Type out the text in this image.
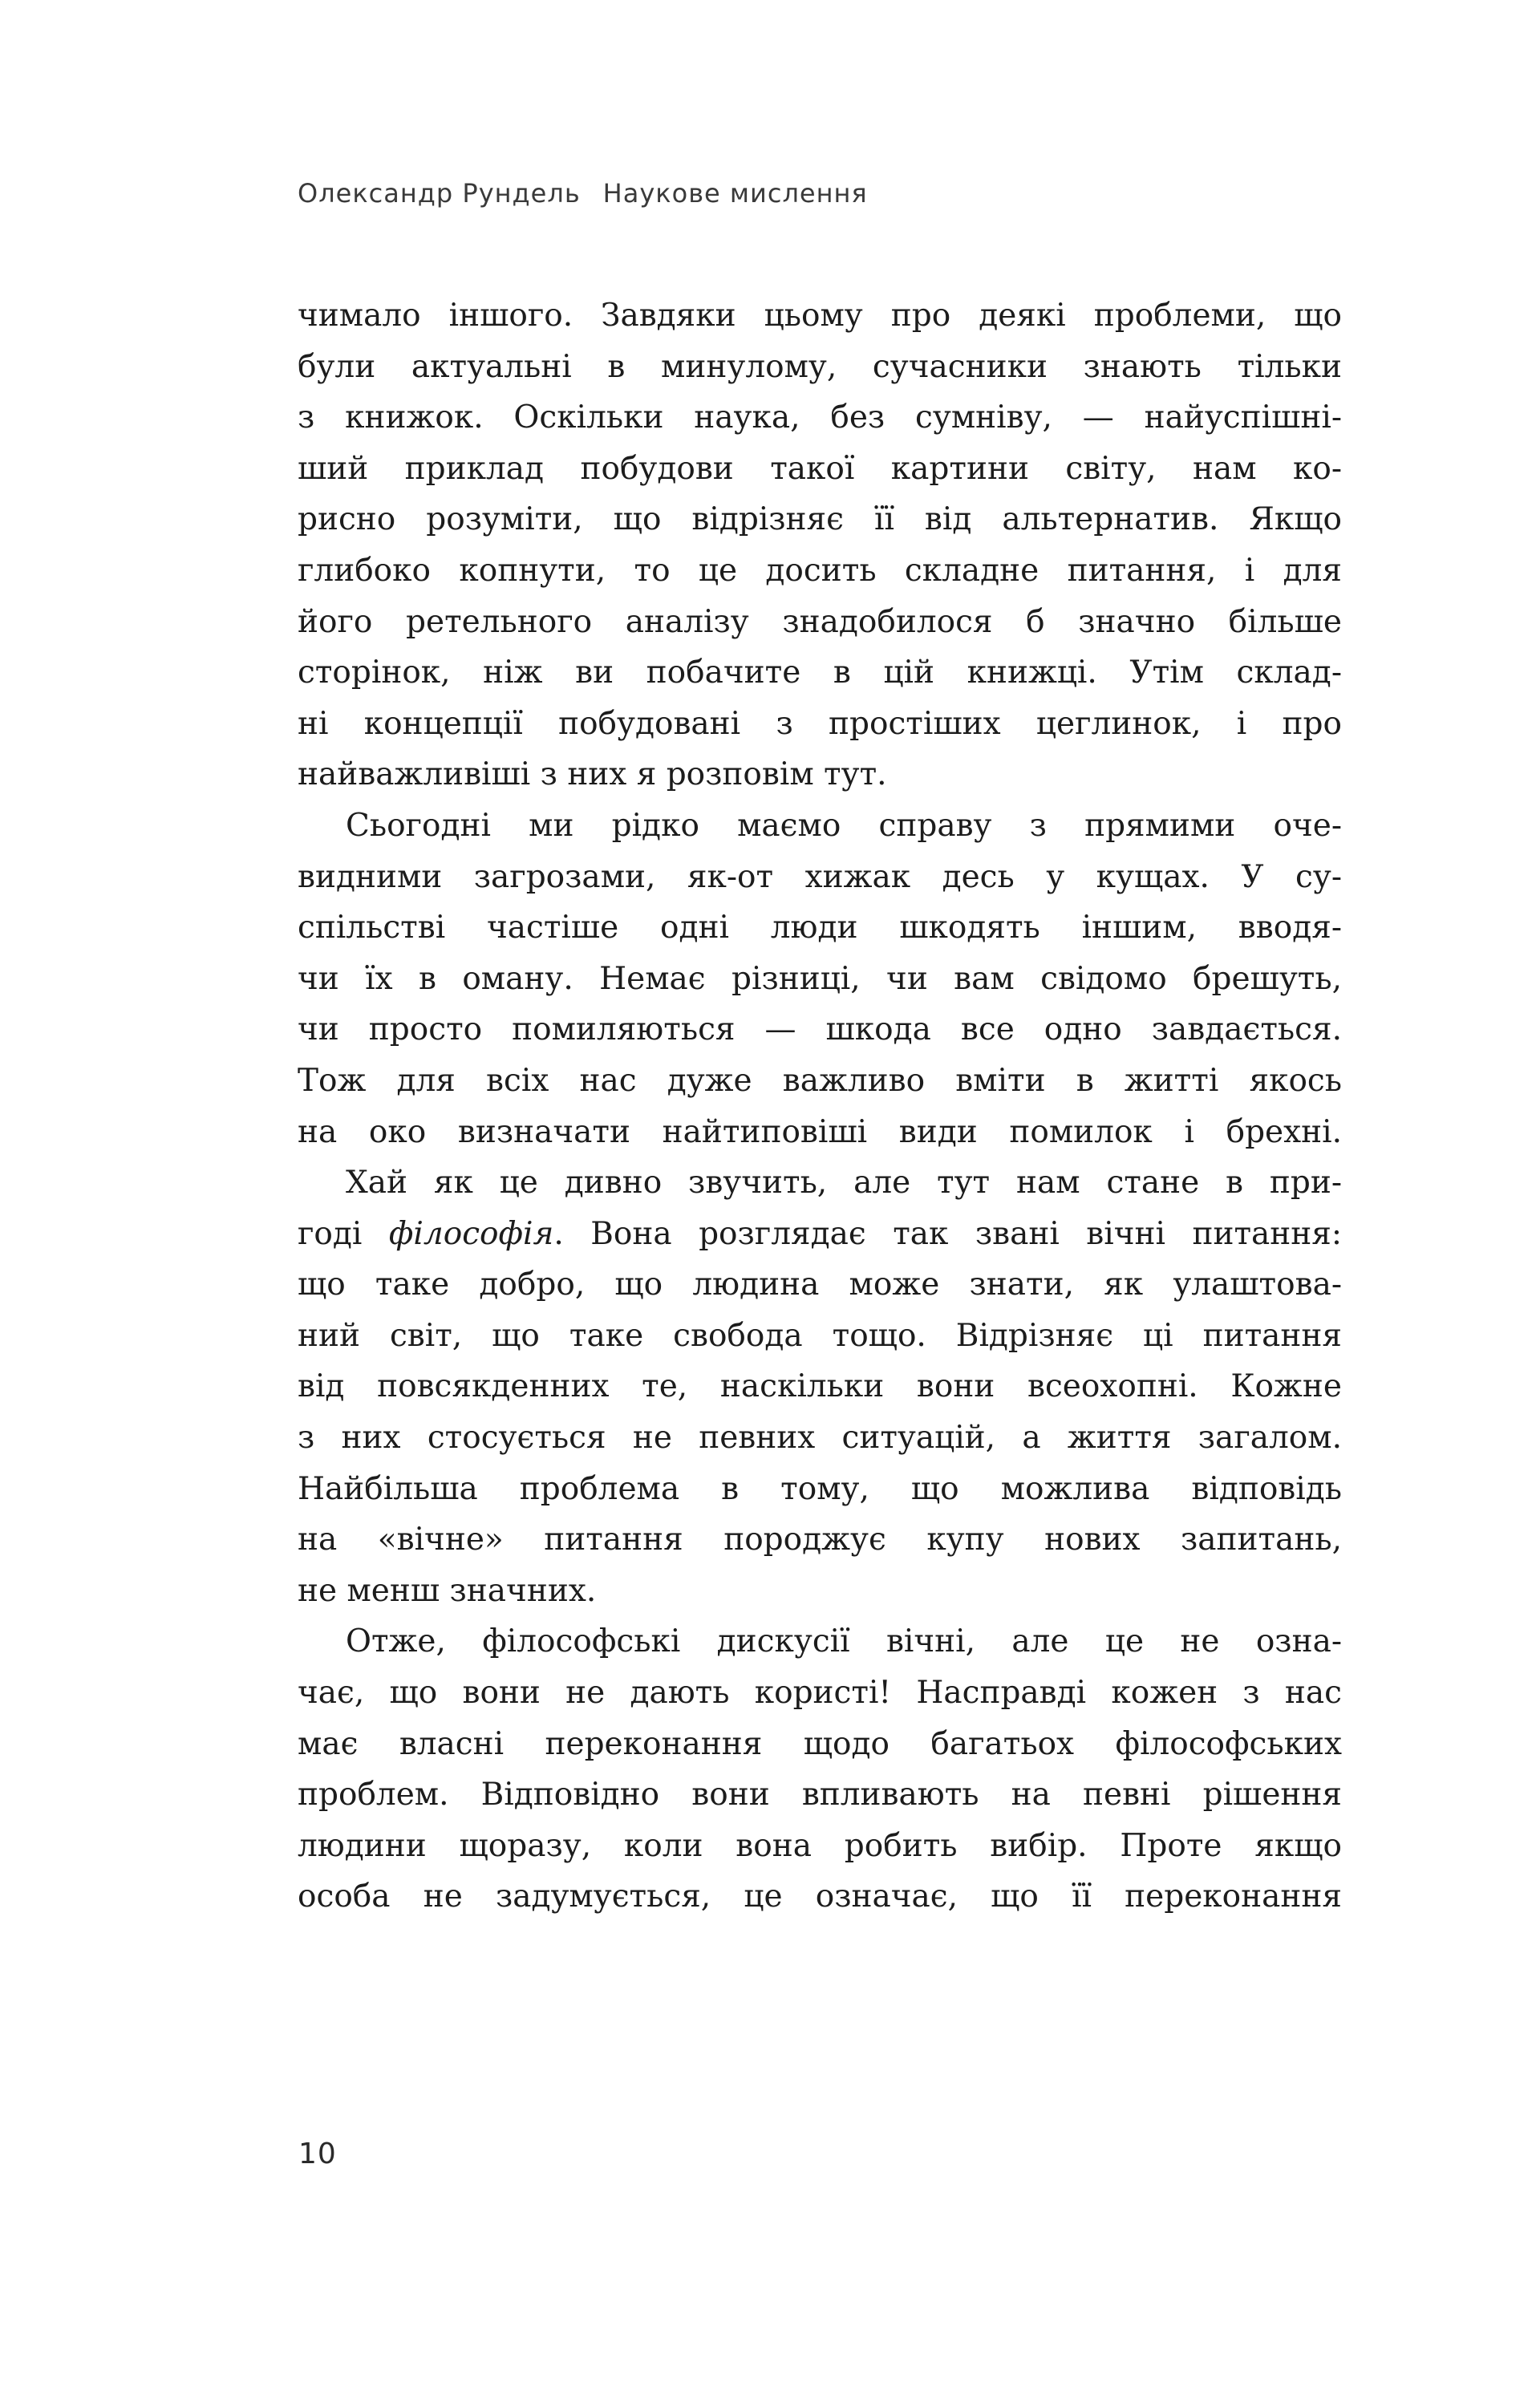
Олександр Рундель Наукове мислення
чимало іншого. Завдяки цьому про деякі проблеми, що
були актуальні в минулому, сучасники знають тільки
з книжок. Оскільки наука, без сумніву, — найуспішні-
ший приклад побудови такої картини світу, нам ко-
рисно розуміти, що відрізняє її від альтернатив. Якщо
глибоко копнути, то це досить складне питання, і для
його ретельного аналізу знадобилося б значно більше
сторінок, ніж ви побачите в цій книжці. Утім склад-
ні концепції побудовані з простіших цеглинок, і про
найважливіші з них я розповім тут.
Сьогодні ми рідко маємо справу з прямими оче-
видними загрозами, як-от хижак десь у кущах. У су-
спільстві частіше одні люди шкодять іншим, вводя-
чи їх в оману. Немає різниці, чи вам свідомо брешуть,
чи просто помиляються — шкода все одно завдається.
Тож для всіх нас дуже важливо вміти в житті якось
на око визначати найтиповіші види помилок і брехні.
Хай як це дивно звучить, але тут нам стане в при-
годі філософія. Вона розглядає так звані вічні питання:
що таке добро, що людина може знати, як улаштова-
ний світ, що таке свобода тощо. Відрізняє ці питання
від повсякденних те, наскільки вони всеохопні. Кожне
з них стосується не певних ситуацій, а життя загалом.
Найбільша проблема в тому, що можлива відповідь
на «вічне» питання породжує купу нових запитань,
не менш значних.
Отже, філософські дискусії вічні, але це не озна-
чає, що вони не дають користі! Насправді кожен з нас
має власні переконання щодо багатьох філософських
проблем. Відповідно вони впливають на певні рішення
людини щоразу, коли вона робить вибір. Проте якщо
особа не задумується, це означає, що її переконання
10
